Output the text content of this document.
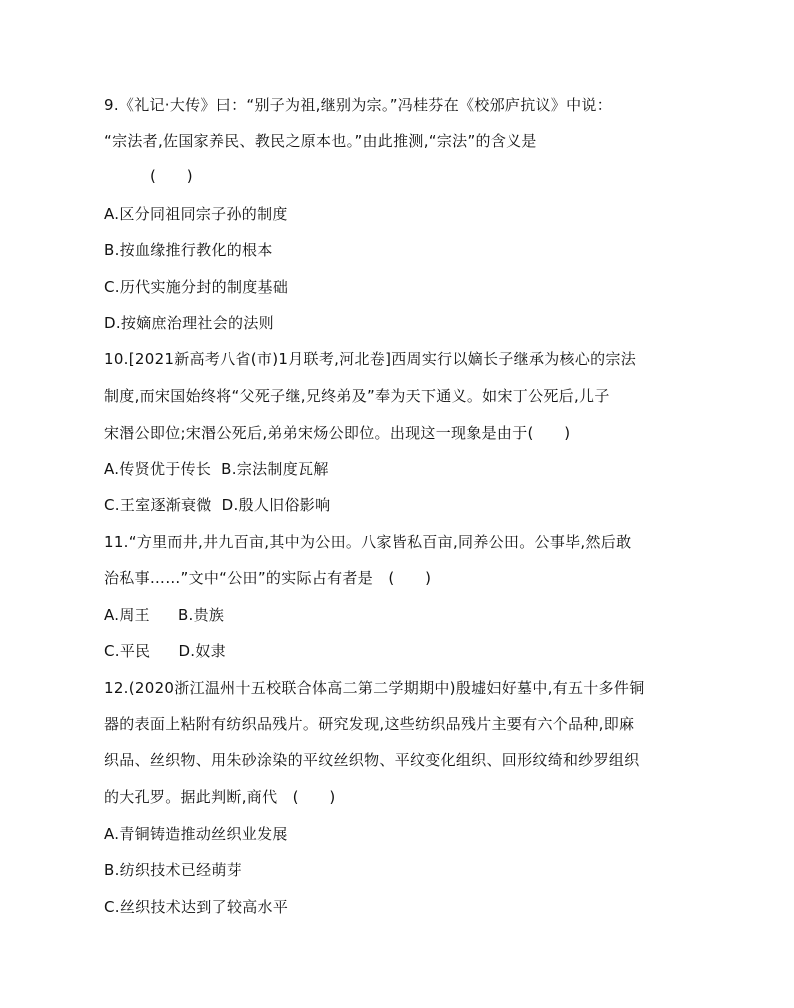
9.《礼记·大传》曰：“别子为祖,继别为宗。”冯桂芬在《校邠庐抗议》中说：
“宗法者,佐国家养民、教民之原本也。”由此推测,“宗法”的含义是
(　　)
A.区分同祖同宗子孙的制度
B.按血缘推行教化的根本
C.历代实施分封的制度基础
D.按嫡庶治理社会的法则
10.[2021新高考八省(市)1月联考,河北卷]西周实行以嫡长子继承为核心的宗法
制度,而宋国始终将“父死子继,兄终弟及”奉为天下通义。如宋丁公死后,儿子
宋湣公即位;宋湣公死后,弟弟宋炀公即位。出现这一现象是由于(　　)
A.传贤优于传长 B.宗法制度瓦解
C.王室逐渐衰微 D.殷人旧俗影响
11.“方里而井,井九百亩,其中为公田。八家皆私百亩,同养公田。公事毕,然后敢
治私事……”文中“公田”的实际占有者是　(　　)
A.周王 B.贵族
C.平民 D.奴隶
12.(2020浙江温州十五校联合体高二第二学期期中)殷墟妇好墓中,有五十多件铜
器的表面上粘附有纺织品残片。研究发现,这些纺织品残片主要有六个品种,即麻
织品、丝织物、用朱砂涂染的平纹丝织物、平纹变化组织、回形纹绮和纱罗组织
的大孔罗。据此判断,商代　(　　)
A.青铜铸造推动丝织业发展
B.纺织技术已经萌芽
C.丝织技术达到了较高水平
